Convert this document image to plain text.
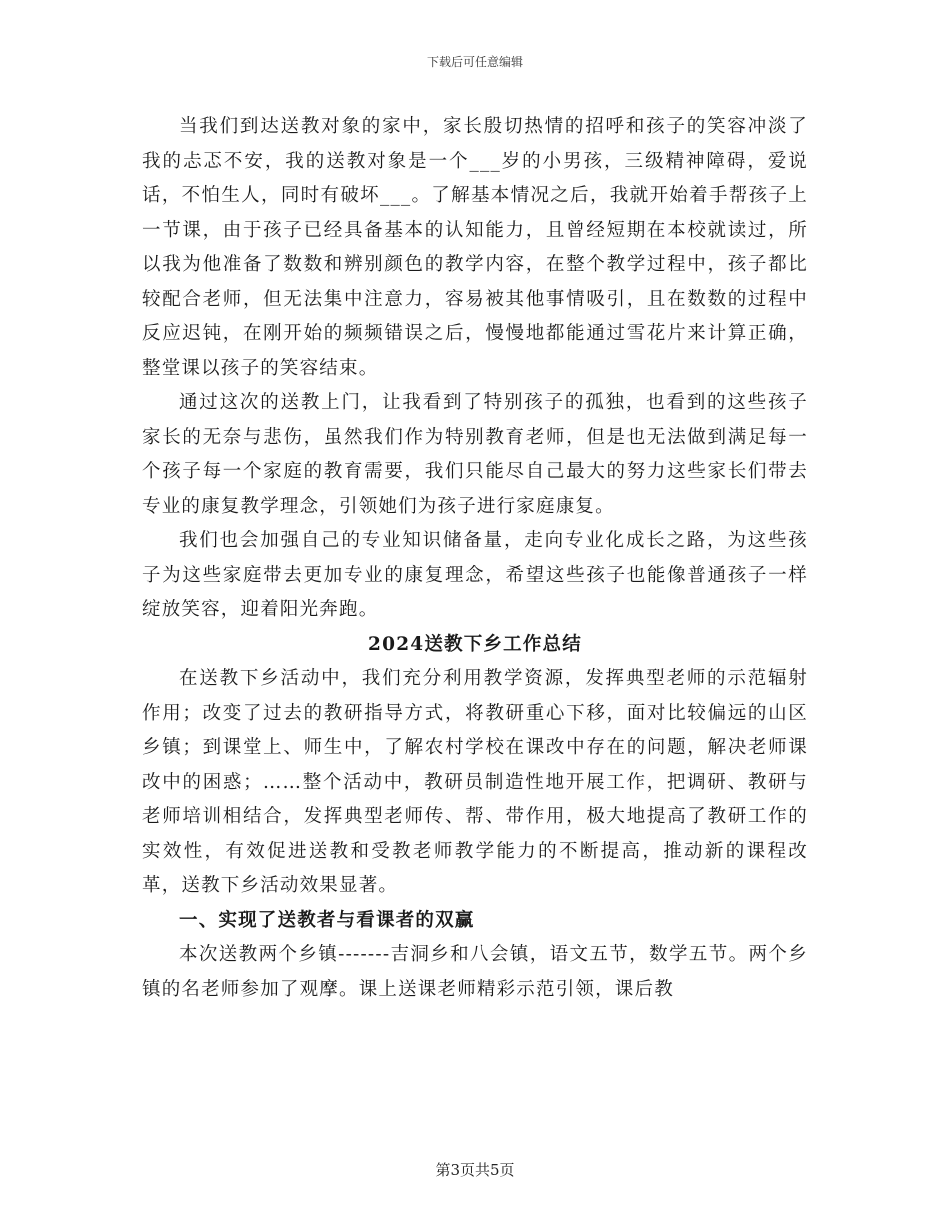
下载后可任意编辑

当我们到达送教对象的家中，家长殷切热情的招呼和孩子的笑容冲淡了我的忐忑不安，我的送教对象是一个___岁的小男孩，三级精神障碍，爱说话，不怕生人，同时有破坏___。了解基本情况之后，我就开始着手帮孩子上一节课，由于孩子已经具备基本的认知能力，且曾经短期在本校就读过，所以我为他准备了数数和辨别颜色的教学内容，在整个教学过程中，孩子都比较配合老师，但无法集中注意力，容易被其他事情吸引，且在数数的过程中反应迟钝，在刚开始的频频错误之后，慢慢地都能通过雪花片来计算正确，整堂课以孩子的笑容结束。

通过这次的送教上门，让我看到了特别孩子的孤独，也看到的这些孩子家长的无奈与悲伤，虽然我们作为特别教育老师，但是也无法做到满足每一个孩子每一个家庭的教育需要，我们只能尽自己最大的努力这些家长们带去专业的康复教学理念，引领她们为孩子进行家庭康复。

我们也会加强自己的专业知识储备量，走向专业化成长之路，为这些孩子为这些家庭带去更加专业的康复理念，希望这些孩子也能像普通孩子一样绽放笑容，迎着阳光奔跑。

2024送教下乡工作总结

在送教下乡活动中，我们充分利用教学资源，发挥典型老师的示范辐射作用；改变了过去的教研指导方式，将教研重心下移，面对比较偏远的山区乡镇；到课堂上、师生中，了解农村学校在课改中存在的问题，解决老师课改中的困惑；……整个活动中，教研员制造性地开展工作，把调研、教研与老师培训相结合，发挥典型老师传、帮、带作用，极大地提高了教研工作的实效性，有效促进送教和受教老师教学能力的不断提高，推动新的课程改革，送教下乡活动效果显著。

一、实现了送教者与看课者的双赢

本次送教两个乡镇-------吉洞乡和八会镇，语文五节，数学五节。两个乡镇的名老师参加了观摩。课上送课老师精彩示范引领，课后教

第3页共5页
